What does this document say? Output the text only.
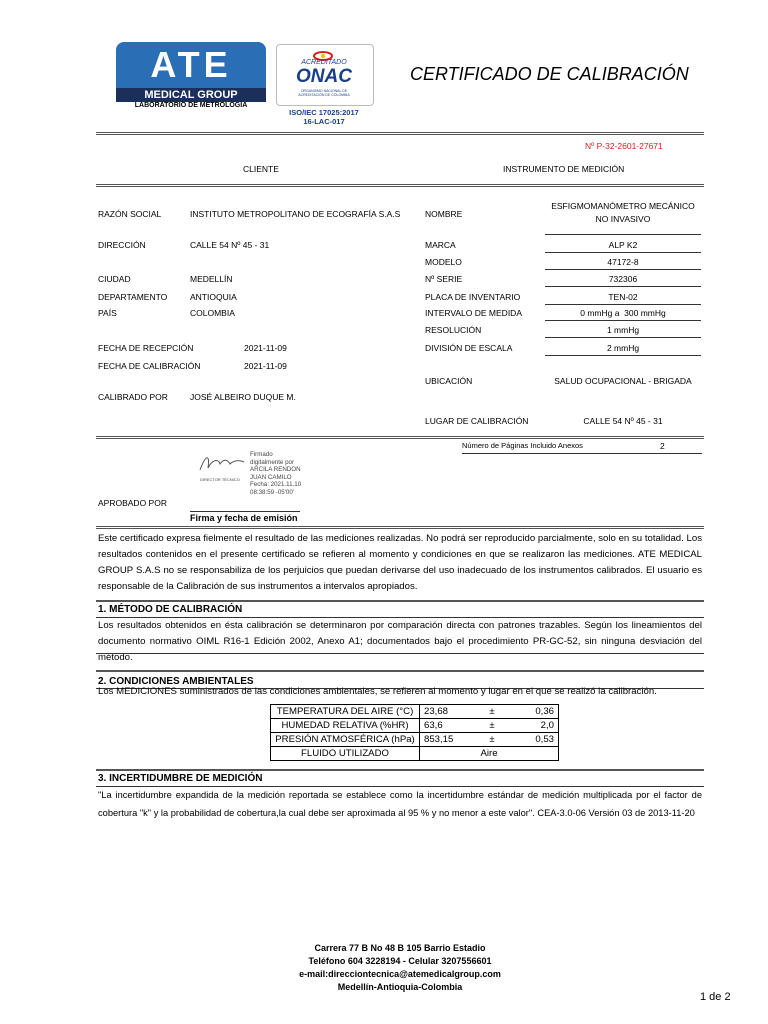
ATE
MEDICAL GROUP
LABORATORIO DE METROLOGÍA
ACREDITADO
ONAC
ORGANISMO NACIONAL DE ACREDITACIÓN DE COLOMBIA
ISO/IEC 17025:2017
16-LAC-017
CERTIFICADO DE CALIBRACIÓN
Nº P-32-2601-27671
CLIENTE	INSTRUMENTO DE MEDICIÓN
RAZÓN SOCIAL	INSTITUTO METROPOLITANO DE ECOGRAFÍA S.A.S
DIRECCIÓN	CALLE 54 Nº 45 - 31
CIUDAD	MEDELLÍN
DEPARTAMENTO	ANTIOQUIA
PAÍS	COLOMBIA
FECHA DE RECEPCIÓN	2021-11-09
FECHA DE CALIBRACIÓN	2021-11-09
CALIBRADO POR	JOSÉ ALBEIRO DUQUE M.
NOMBRE
ESFIGMOMANÓMETRO MECÁNICO
NO INVASIVO
MARCA	ALP K2
MODELO	47172-8
Nº SERIE	732306
PLACA DE INVENTARIO	TEN-02
INTERVALO DE MEDIDA	0 mmHg a  300 mmHg
RESOLUCIÓN	1 mmHg
DIVISIÓN DE ESCALA	2 mmHg
UBICACIÓN	SALUD OCUPACIONAL - BRIGADA
LUGAR DE CALIBRACIÓN	CALLE 54 Nº 45 - 31
Número de Páginas Incluido Anexos	2
DIRECTOR TÉCNICO
Firmado
digitalmente por
ARCILA RENDON
JUAN CAMILO
Fecha: 2021.11.10
08:38:59 -05'00'
APROBADO POR
Firma y fecha de emisión
Este certificado expresa fielmente el resultado de las mediciones realizadas. No podrá ser reproducido parcialmente, solo en su totalidad. Los resultados contenidos en el presente certificado se refieren al momento y condiciones en que se realizaron las mediciones. ATE MEDICAL GROUP S.A.S no se responsabiliza de los perjuicios que puedan derivarse del uso inadecuado de los instrumentos calibrados. El usuario es responsable de la Calibración de sus instrumentos a intervalos apropiados.
1. MÉTODO DE CALIBRACIÓN
Los resultados obtenidos en ésta calibración se determinaron por comparación directa con patrones trazables. Según los lineamientos del documento normativo OIML R16-1 Edición 2002, Anexo A1; documentados bajo el procedimiento PR-GC-52, sin ninguna desviación del método.
2. CONDICIONES AMBIENTALES
Los MEDICIONES suministrados de las condiciones ambientales, se refieren al momento y lugar en el que se realizó la calibración.
TEMPERATURA DEL AIRE (°C)	23,68	±	0,36
HUMEDAD RELATIVA (%HR)	63,6	±	2,0
PRESIÓN ATMOSFÉRICA (hPa)	853,15	±	0,53
FLUIDO UTILIZADO	Aire		
3. INCERTIDUMBRE DE MEDICIÓN
"La incertidumbre expandida de la medición reportada se establece como la incertidumbre estándar de medición multiplicada por el factor de cobertura "k" y la probabilidad de cobertura,la cual debe ser aproximada al 95 % y no menor a este valor". CEA-3.0-06 Versión 03 de 2013-11-20
Carrera 77 B No 48 B 105 Barrio Estadio
Teléfono 604 3228194 - Celular 3207556601
e-mail:direcciontecnica@atemedicalgroup.com
Medellín-Antioquia-Colombia
1 de 2
